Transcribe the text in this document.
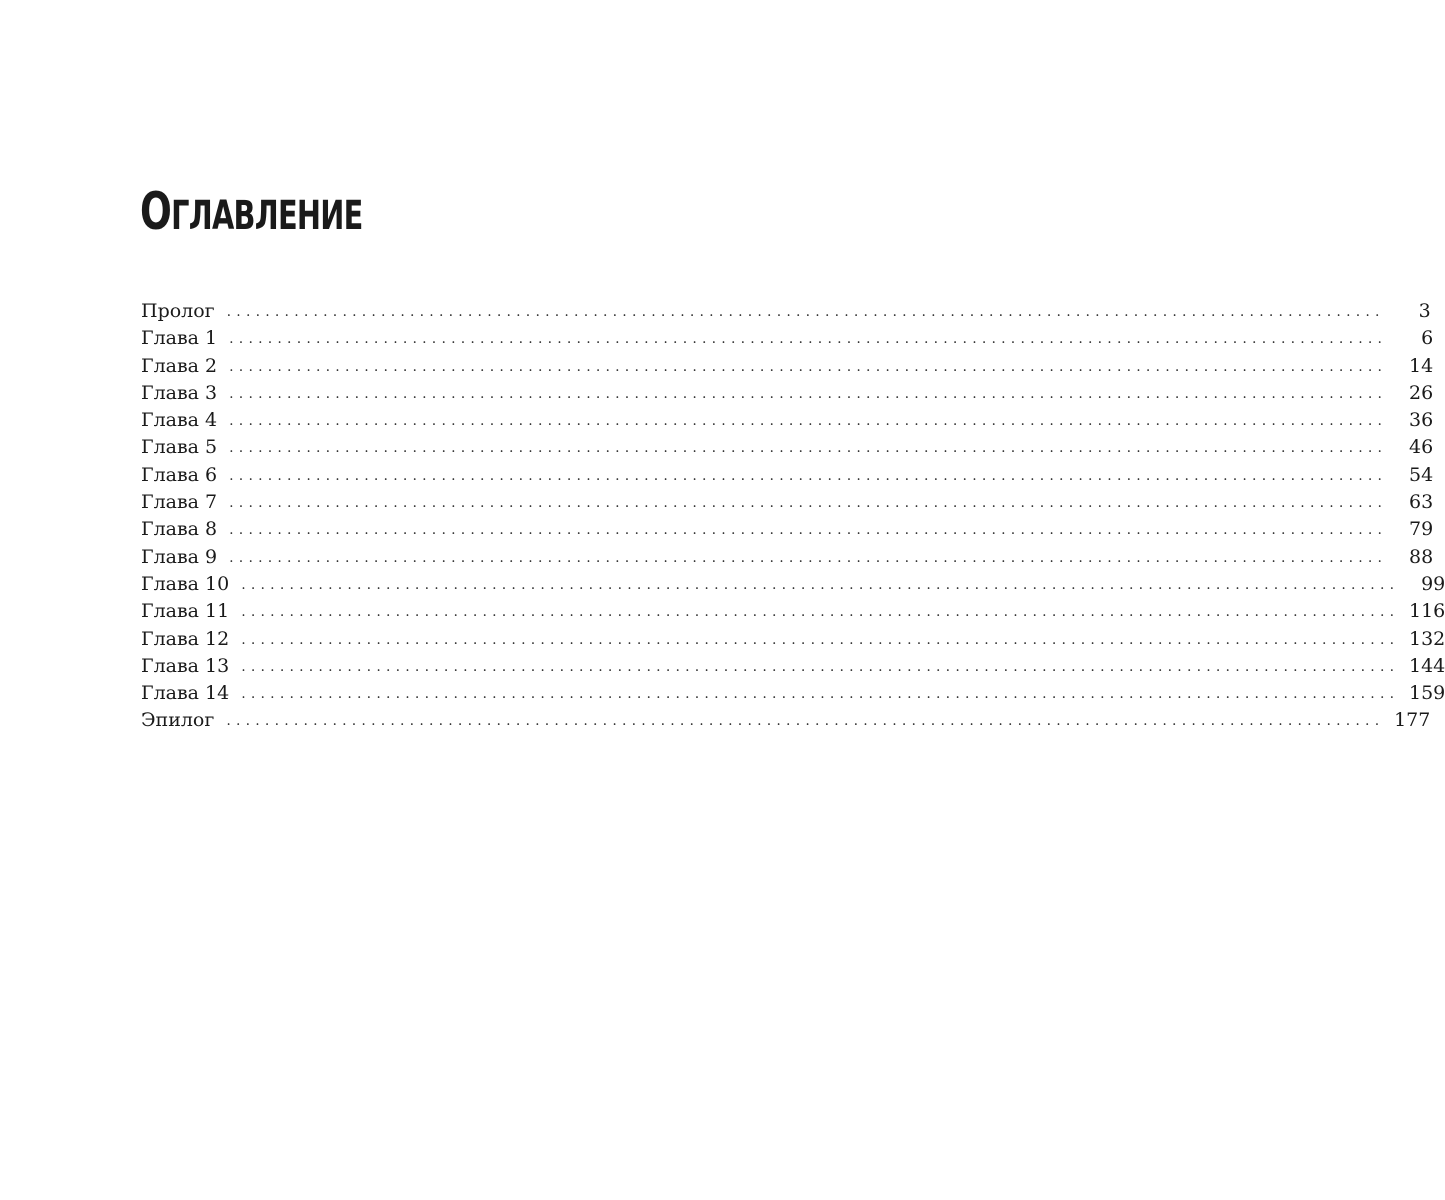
ОГЛАВЛЕНИЕ
Пролог ........................................................................................................................	3
Глава 1 ........................................................................................................................	6
Глава 2 ........................................................................................................................	14
Глава 3 ........................................................................................................................	26
Глава 4 ........................................................................................................................	36
Глава 5 ........................................................................................................................	46
Глава 6 ........................................................................................................................	54
Глава 7 ........................................................................................................................	63
Глава 8 ........................................................................................................................	79
Глава 9 ........................................................................................................................	88
Глава 10 ........................................................................................................................	99
Глава 11 ........................................................................................................................ 116
Глава 12 ........................................................................................................................ 132
Глава 13 ........................................................................................................................ 144
Глава 14 ........................................................................................................................ 159
Эпилог ........................................................................................................................ 177
